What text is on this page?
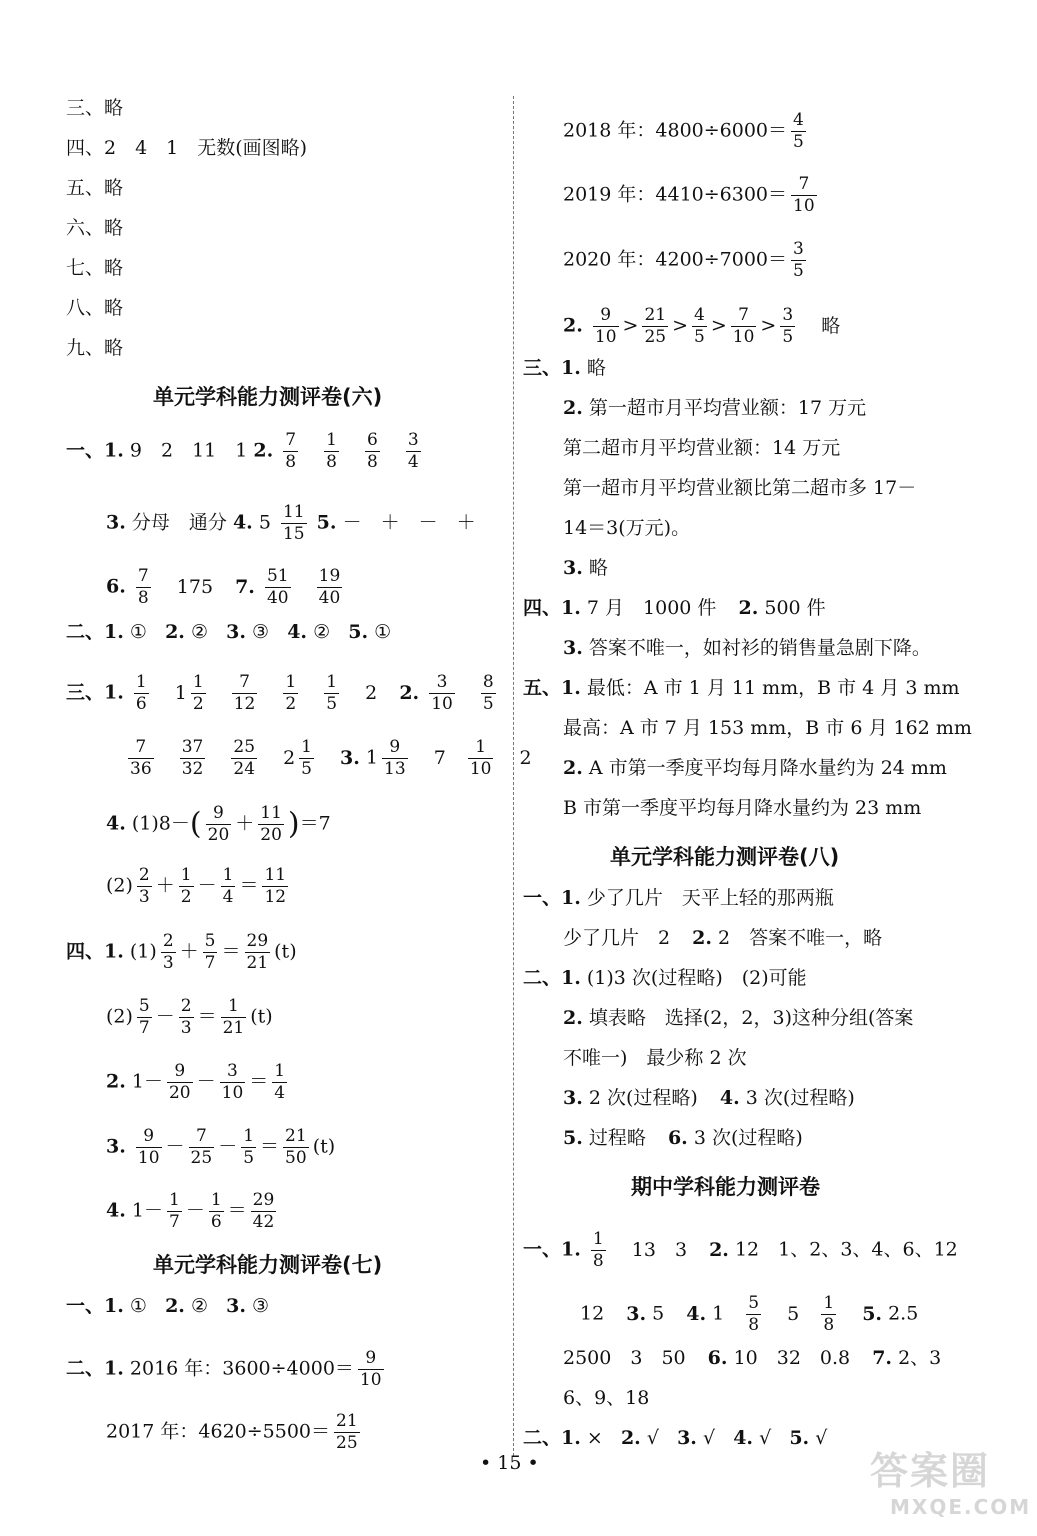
三、略
四、2　4　1　无数(画图略)
五、略
六、略
七、略
八、略
九、略
单元学科能力测评卷(六)
一、1. 9　2　11　1 2. $\frac{7}{8}$
$\frac{1}{8}$
$\frac{6}{8}$
$\frac{3}{4}$
3. 分母　通分 4. $5 \frac{11}{15} 5$. －　＋　－　＋
6. $\frac{7}{8} 175$ 7. $\frac{51}{40}$
$\frac{19}{40}$
二、1. ① 2. ② 3. ③ 4. ② 5. ①
三、1. $\frac{1}{6} 1 \frac{1}{2}$
$\frac{7}{12}$
$\frac{1}{2}$
$\frac{1}{5} 2$ 2. $\frac{3}{10}$
$\frac{8}{5}$
$\frac{7}{36}$
$\frac{37}{32}$
$\frac{25}{24} 2 \frac{1}{5} 3$. $1 \frac{9}{13} 7 \frac{1}{10} 2$
4. $(1)8-( \frac{9}{20} + \frac{11}{20} )=7$
$(2) \frac{2}{3} + \frac{1}{2} - \frac{1}{4} = \frac{11}{12}$
四、1. $(1) \frac{2}{3} + \frac{5}{7} = \frac{29}{21} (t)$
$(2) \frac{5}{7} - \frac{2}{3} = \frac{1}{21} (t)$
2. $1- \frac{9}{20} - \frac{3}{10} = \frac{1}{4}$
3. $\frac{9}{10} - \frac{7}{25} - \frac{1}{5} = \frac{21}{50} (t)$
4. $1- \frac{1}{7} - \frac{1}{6} = \frac{29}{42}$
单元学科能力测评卷(七)
一、1. ① 2. ② 3. ③
二、1. 2016 年：$3600\div 4000= \frac{9}{10}$
2017 年：$4620\div 5500= \frac{21}{25}$
2018 年：$4800\div 6000= \frac{4}{5}$
2019 年：$4410\div 6300= \frac{7}{10}$
2020 年：$4200\div 7000= \frac{3}{5}$
2. $\frac{9}{10} > \frac{21}{25} > \frac{4}{5} > \frac{7}{10} > \frac{3}{5}$ 略
三、1. 略
2. 第一超市月平均营业额：17 万元
第二超市月平均营业额：14 万元
第一超市月平均营业额比第二超市多 17－
14＝3(万元)。
3. 略
四、1. 7 月　1000 件 2. 500 件
3. 答案不唯一，如衬衫的销售量急剧下降。
五、1. 最低：A 市 1 月 11 mm，B 市 4 月 3 mm
最高：A 市 7 月 153 mm，B 市 6 月 162 mm
2. A 市第一季度平均每月降水量约为 24 mm
B 市第一季度平均每月降水量约为 23 mm
单元学科能力测评卷(八)
一、1. 少了几片　天平上轻的那两瓶
少了几片　2 2. 2　答案不唯一，略
二、1. (1)3 次(过程略)　(2)可能
2. 填表略　选择(2，2，3)这种分组(答案
不唯一)　最少称 2 次
3. 2 次(过程略) 4. 3 次(过程略)
5. 过程略 6. 3 次(过程略)
期中学科能力测评卷
一、1. $\frac{1}{8} 13$　3 2. 12　1、2、3、4、6、12
12 3. 5 4. $1 \frac{5}{8} 5 \frac{1}{8} 5$. 2.5
2500　3　50 6. 10　32　0.8 7. 2、3
6、9、18
二、1. × 2. √ 3. √ 4. √ 5. √
• 15 •	答案圈
MXQE.COM
